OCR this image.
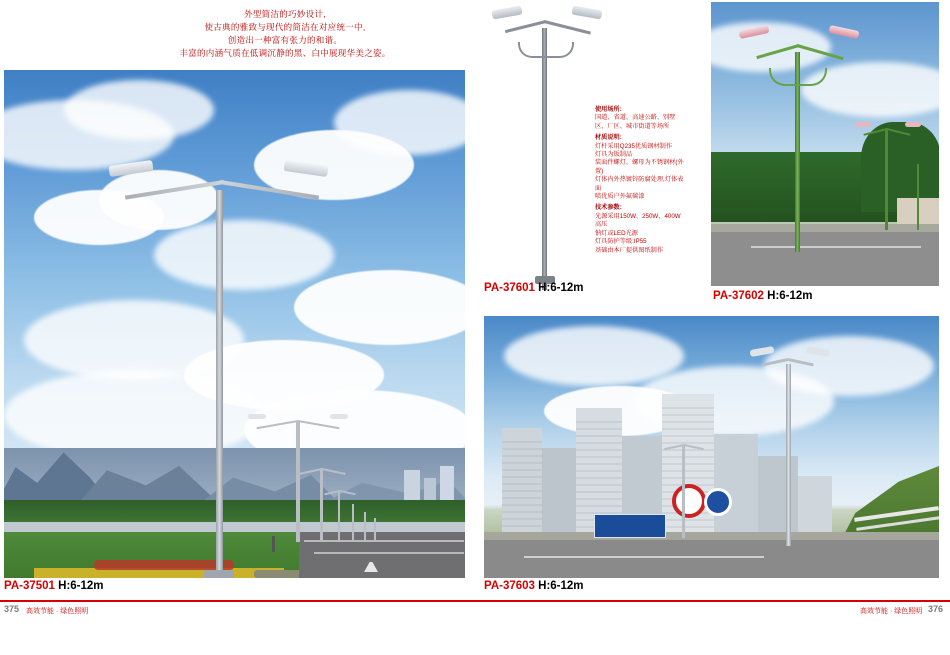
外型简洁的巧妙设计,
使古典的雅致与现代的简洁在对应统一中,
创造出一种富有张力的和谐。
丰富的内涵气质在低调沉静的黑、白中展现华美之姿。
PA-37501 H:6-12m
使用场所:
国道、省道、高速公路、别墅区、厂区、城市街道等场所
材质说明:
灯杆采用Q235优质钢材制作
灯具为钣制品
装面件螺灯、螺母为不锈钢材(外置)
灯体内外热镀锌防腐处理,灯体表面
喷优质户外氟碳漆
技术参数:
光源采用150W、250W、400W高压
钠灯或LED光源
灯具防护等级:IP55
基础由本厂提供图纸制作
PA-37601 H:6-12m
PA-37602 H:6-12m
PA-37603 H:6-12m
375 高效节能 · 绿色照明	376
高效节能 · 绿色照明
